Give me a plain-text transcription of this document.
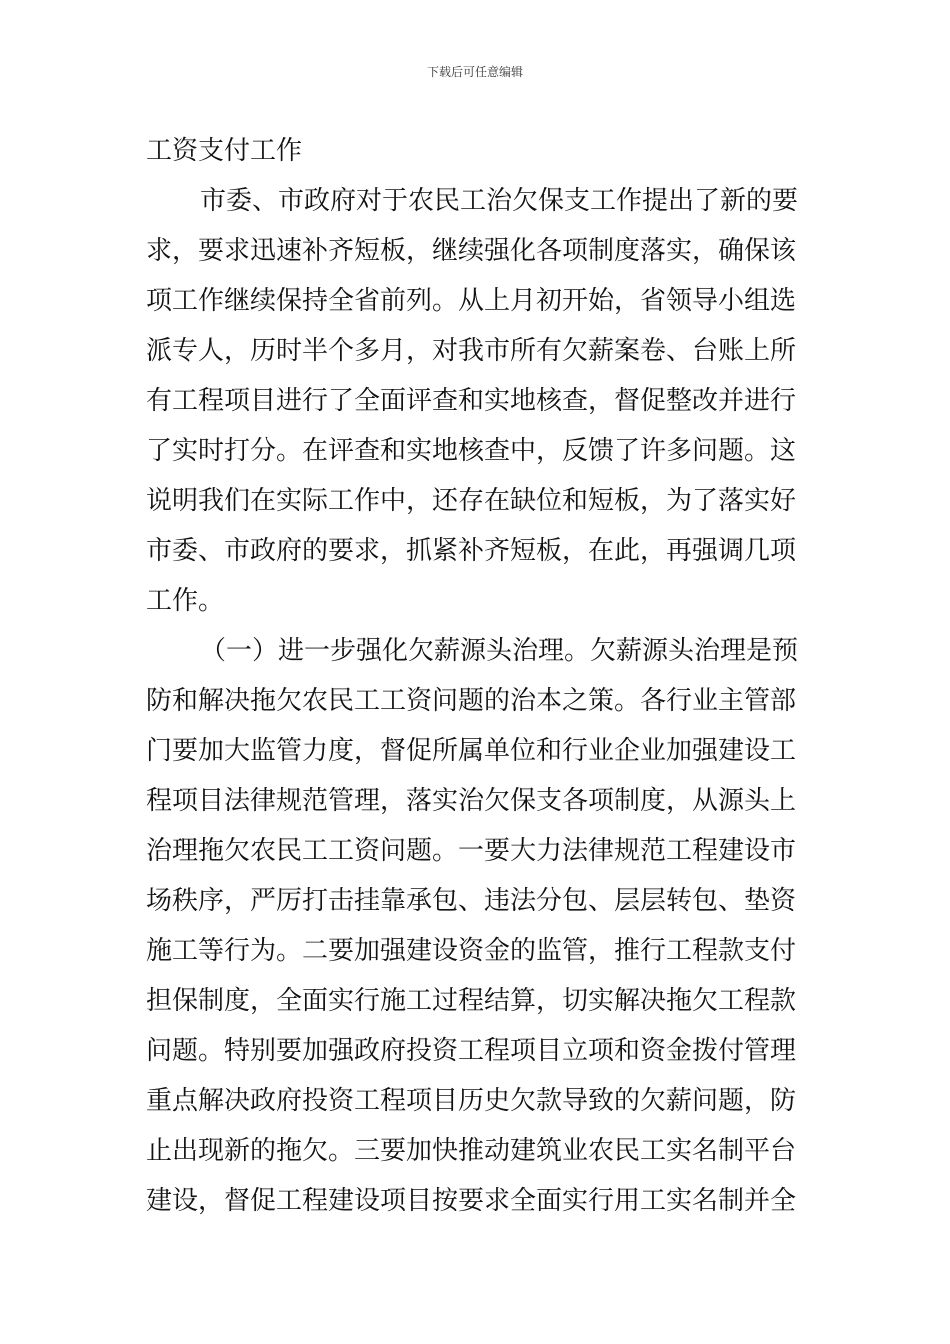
下载后可任意编辑
工资支付工作
市委、市政府对于农民工治欠保支工作提出了新的要
求，要求迅速补齐短板，继续强化各项制度落实，确保该
项工作继续保持全省前列。从上月初开始，省领导小组选
派专人，历时半个多月，对我市所有欠薪案卷、台账上所
有工程项目进行了全面评查和实地核查，督促整改并进行
了实时打分。在评查和实地核查中，反馈了许多问题。这
说明我们在实际工作中，还存在缺位和短板，为了落实好
市委、市政府的要求，抓紧补齐短板，在此，再强调几项
工作。
（一）进一步强化欠薪源头治理。欠薪源头治理是预
防和解决拖欠农民工工资问题的治本之策。各行业主管部
门要加大监管力度，督促所属单位和行业企业加强建设工
程项目法律规范管理，落实治欠保支各项制度，从源头上
治理拖欠农民工工资问题。一要大力法律规范工程建设市
场秩序，严厉打击挂靠承包、违法分包、层层转包、垫资
施工等行为。二要加强建设资金的监管，推行工程款支付
担保制度，全面实行施工过程结算，切实解决拖欠工程款
问题。特别要加强政府投资工程项目立项和资金拨付管理
重点解决政府投资工程项目历史欠款导致的欠薪问题，防
止出现新的拖欠。三要加快推动建筑业农民工实名制平台
建设，督促工程建设项目按要求全面实行用工实名制并全
